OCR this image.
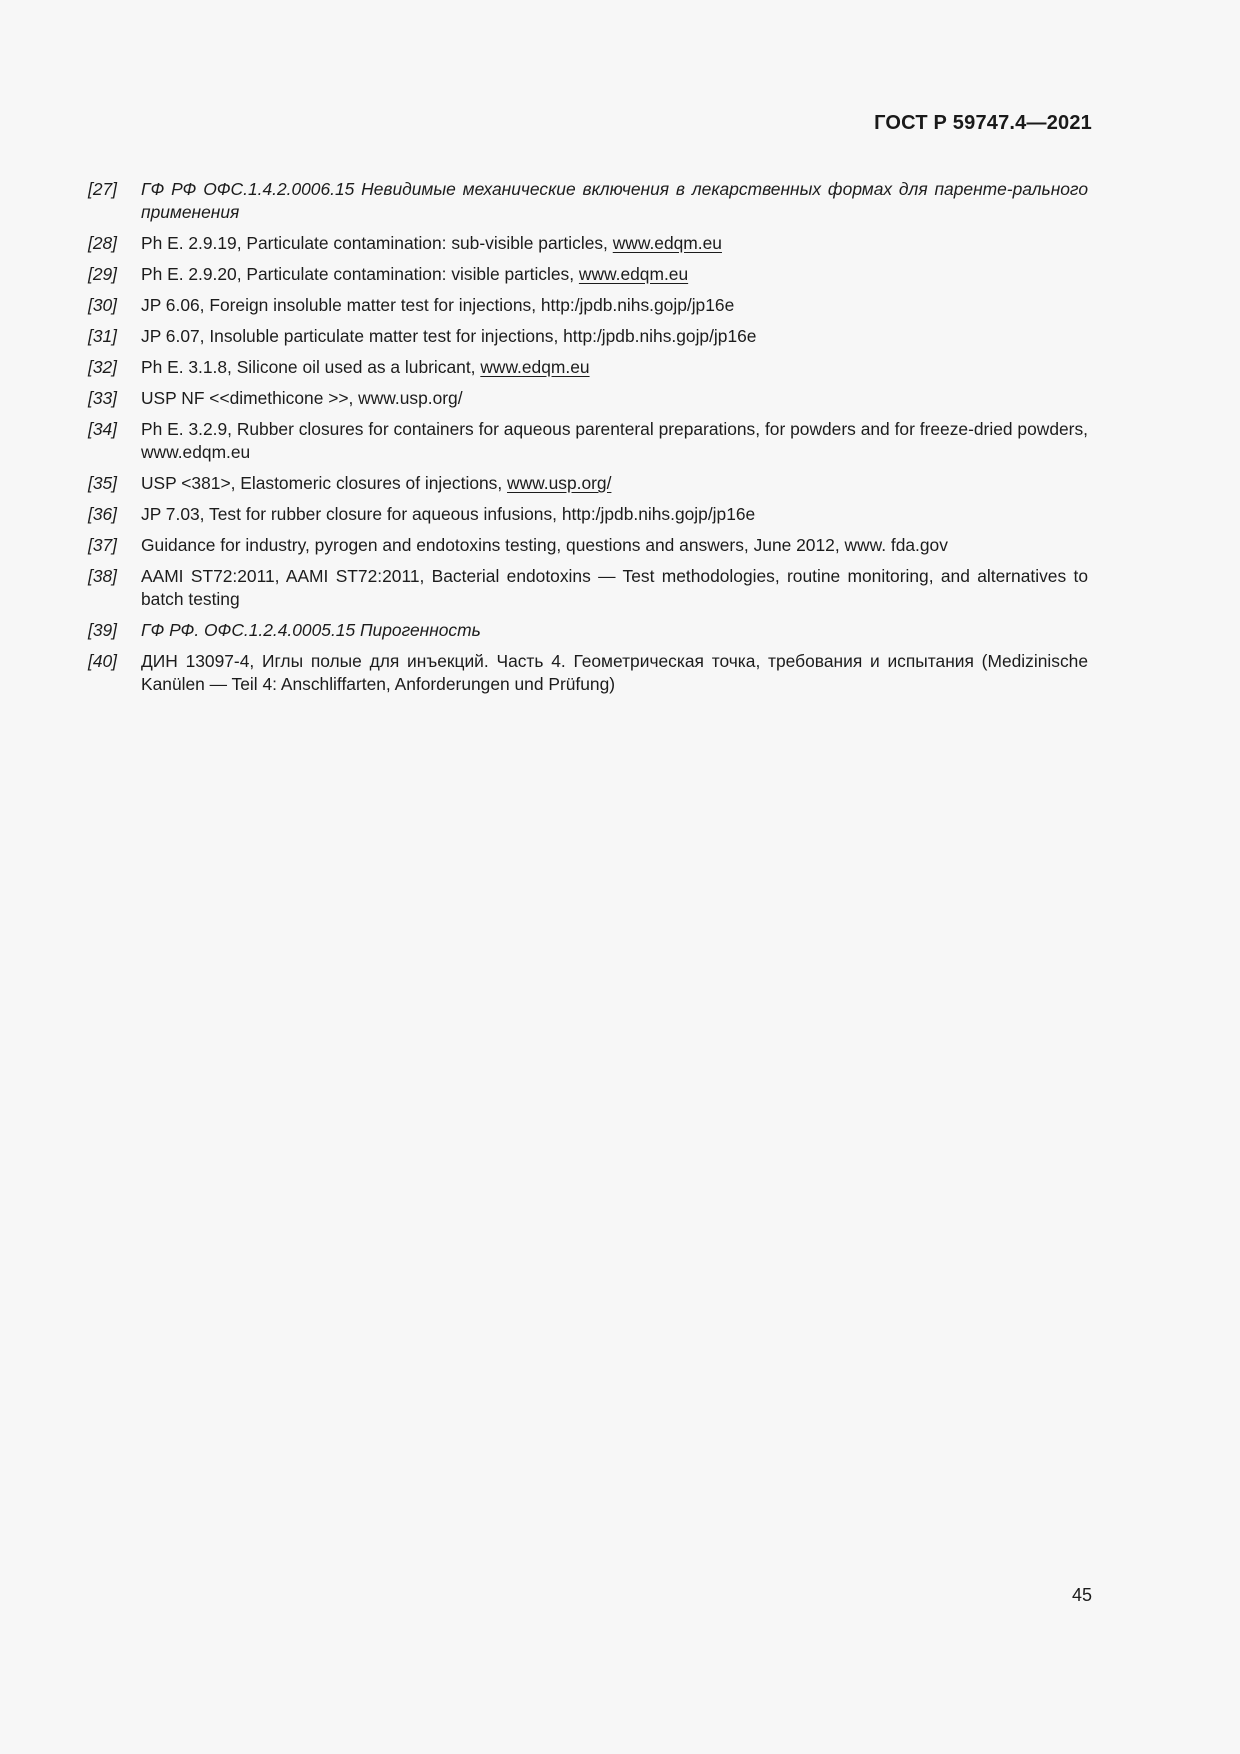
ГОСТ Р 59747.4—2021
[27]	ГФ РФ ОФС.1.4.2.0006.15 Невидимые механические включения в лекарственных формах для паренте-рального применения
[28]	Ph E. 2.9.19, Particulate contamination: sub-visible particles, www.edqm.eu
[29]	Ph E. 2.9.20, Particulate contamination: visible particles, www.edqm.eu
[30]	JP 6.06, Foreign insoluble matter test for injections, http:/jpdb.nihs.gojp/jp16e
[31]	JP 6.07, Insoluble particulate matter test for injections, http:/jpdb.nihs.gojp/jp16e
[32]	Ph E. 3.1.8, Silicone oil used as a lubricant, www.edqm.eu
[33]	USP NF <<dimethicone >>, www.usp.org/
[34]	Ph E. 3.2.9, Rubber closures for containers for aqueous parenteral preparations, for powders and for freeze-dried powders, www.edqm.eu
[35]	USP <381>, Elastomeric closures of injections, www.usp.org/
[36]	JP 7.03, Test for rubber closure for aqueous infusions, http:/jpdb.nihs.gojp/jp16e
[37]	Guidance for industry, pyrogen and endotoxins testing, questions and answers, June 2012, www. fda.gov
[38]	AAMI ST72:2011, AAMI ST72:2011, Bacterial endotoxins — Test methodologies, routine monitoring, and alternatives to batch testing
[39]	ГФ РФ. ОФС.1.2.4.0005.15 Пирогенность
[40]	ДИН 13097-4, Иглы полые для инъекций. Часть 4. Геометрическая точка, требования и испытания (Medizinische Kanülen — Teil 4: Anschliffarten, Anforderungen und Prüfung)
45
